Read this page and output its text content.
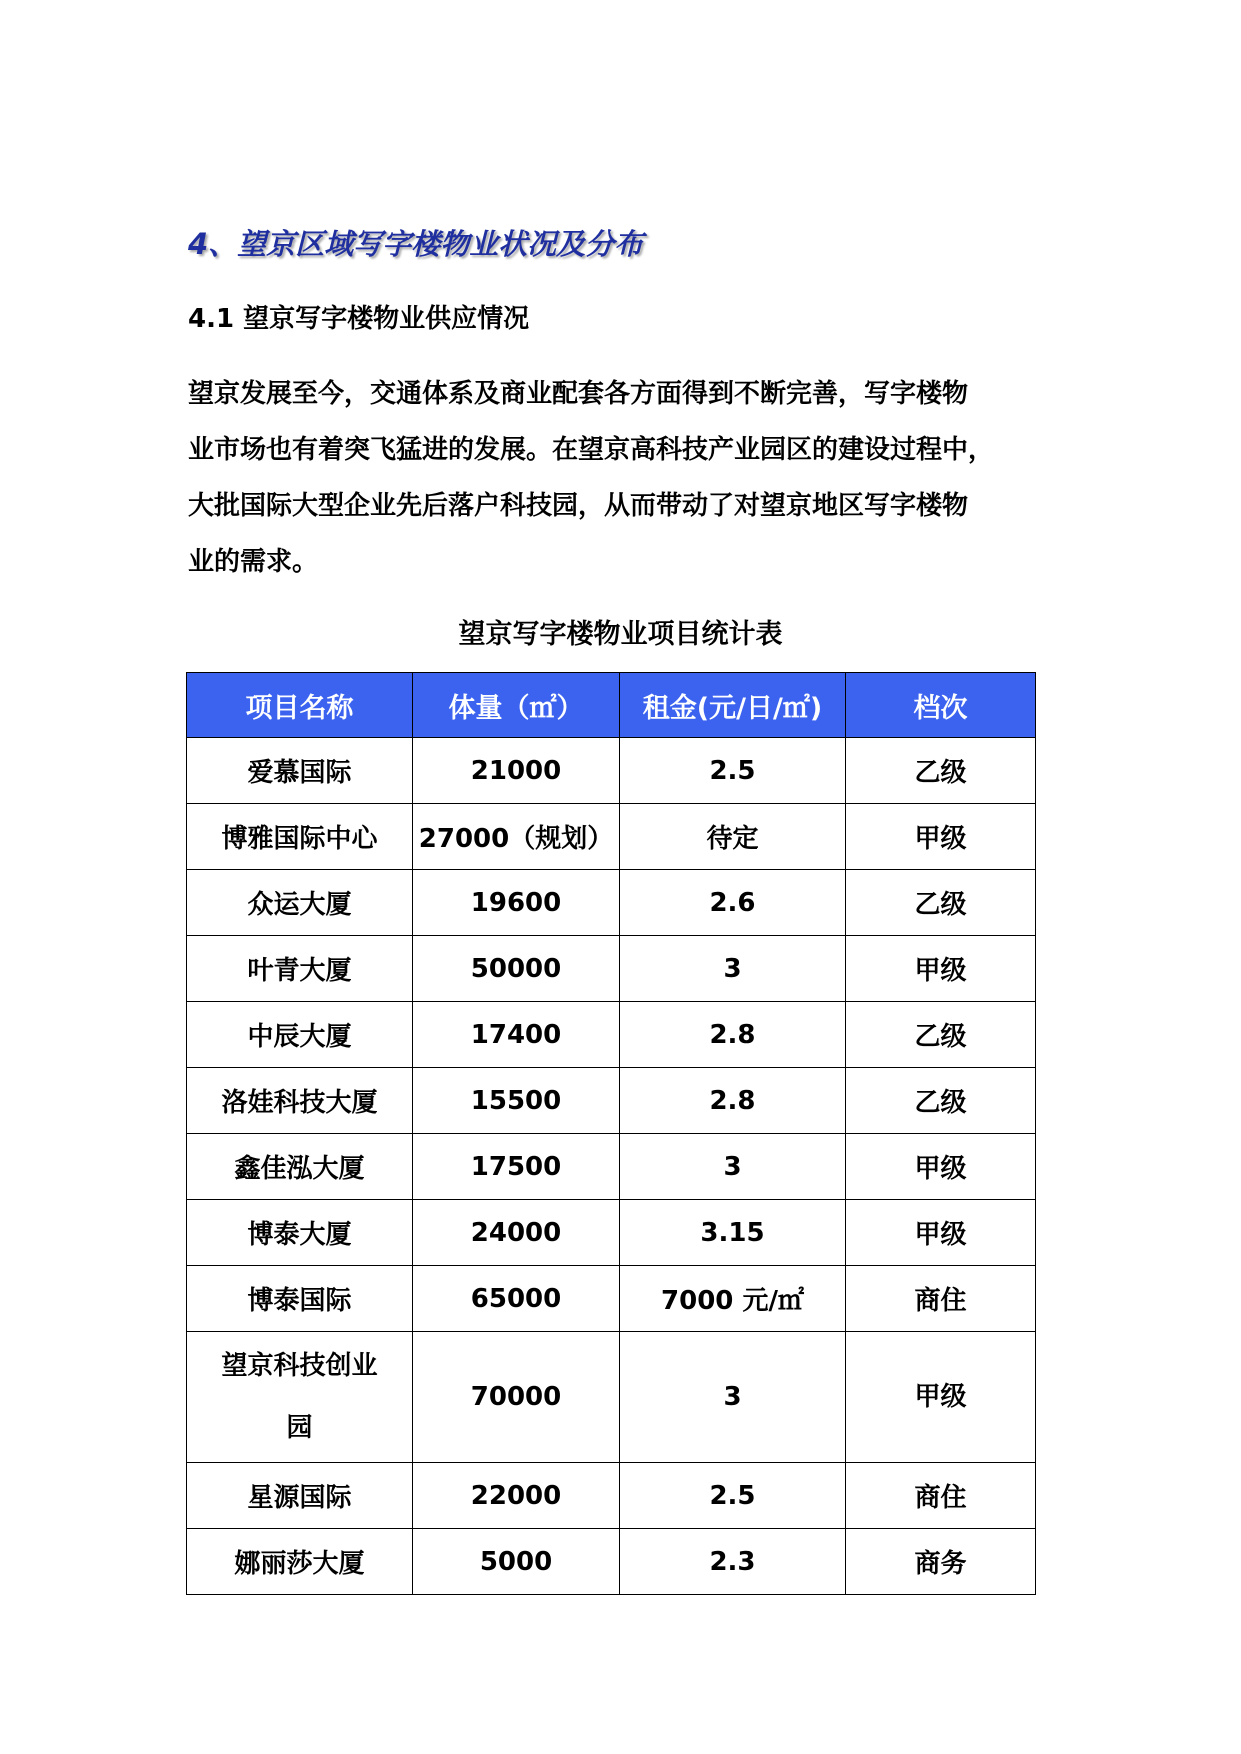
4、望京区域写字楼物业状况及分布
4.1 望京写字楼物业供应情况
望京发展至今，交通体系及商业配套各方面得到不断完善，写字楼物
业市场也有着突飞猛进的发展。在望京高科技产业园区的建设过程中，
大批国际大型企业先后落户科技园，从而带动了对望京地区写字楼物
业的需求。
望京写字楼物业项目统计表
项目名称	体量（㎡）	租金(元/日/㎡)	档次
爱慕国际	21000	2.5	乙级
博雅国际中心	27000（规划）	待定	甲级
众运大厦	19600	2.6	乙级
叶青大厦	50000	3	甲级
中辰大厦	17400	2.8	乙级
洛娃科技大厦	15500	2.8	乙级
鑫佳泓大厦	17500	3	甲级
博泰大厦	24000	3.15	甲级
博泰国际	65000	7000 元/㎡	商住

望京科技创业园	70000	3	甲级
星源国际	22000	2.5	商住
娜丽莎大厦	5000	2.3	商务
